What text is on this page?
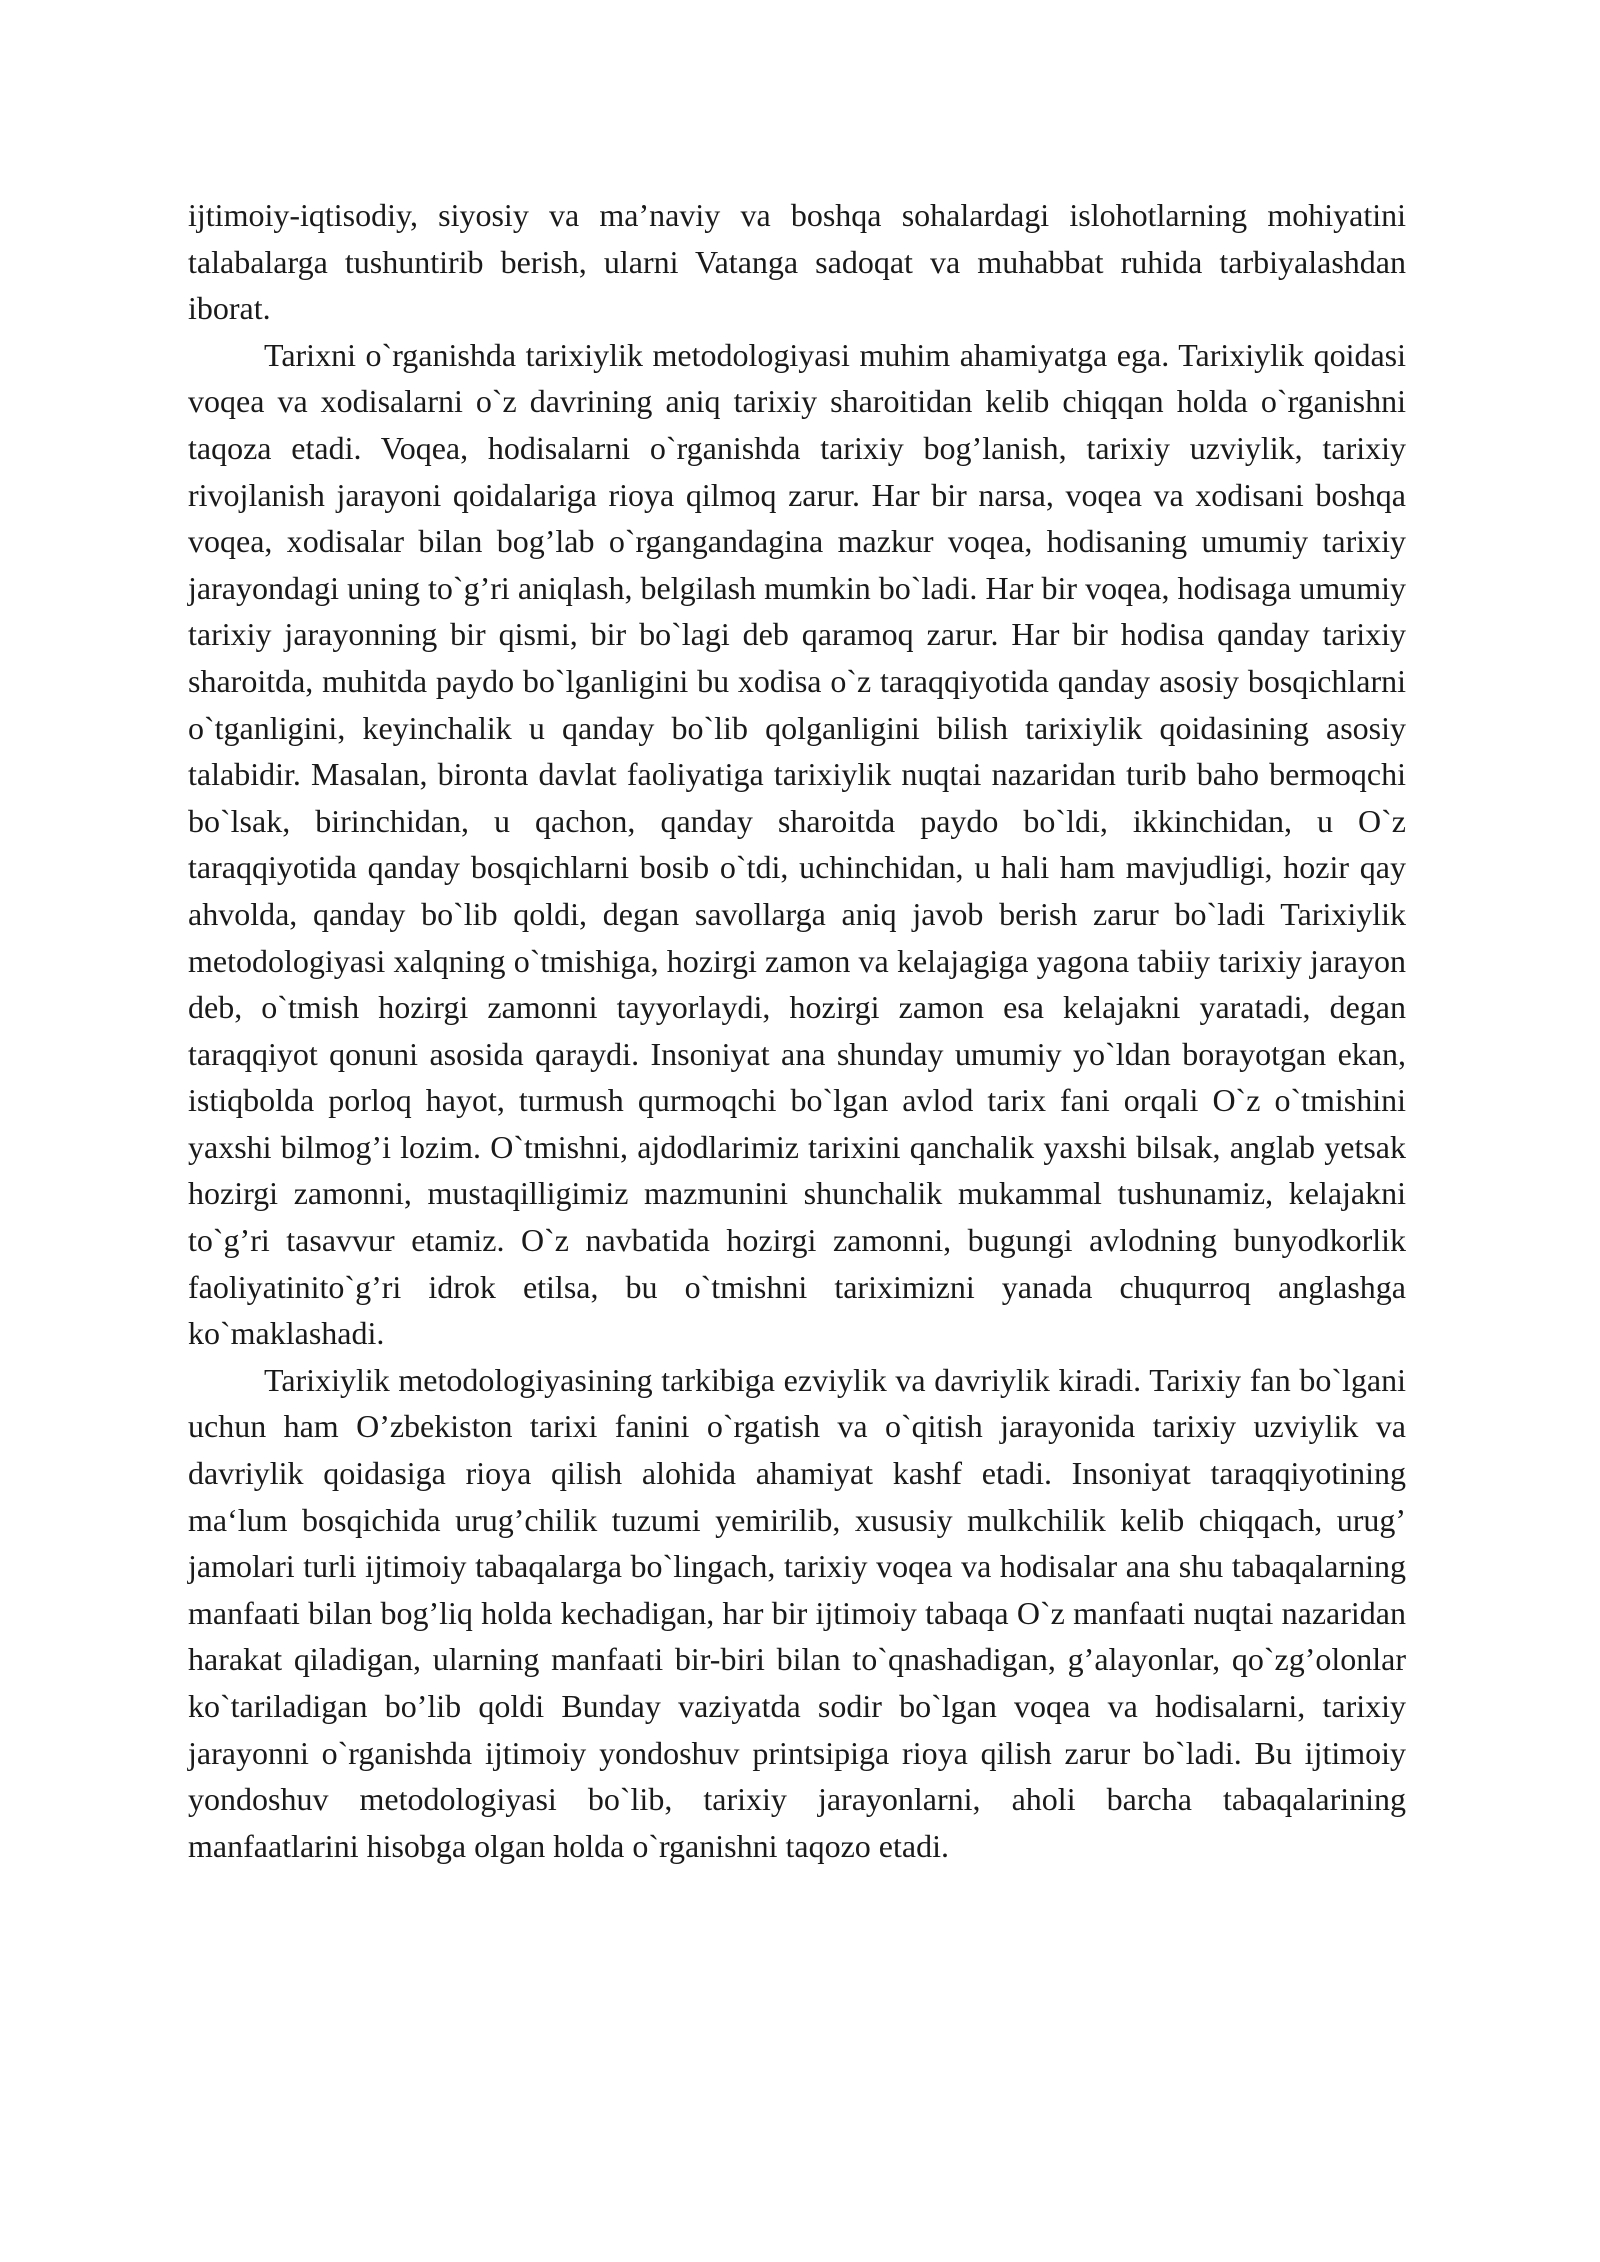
ijtimoiy-iqtisodiy, siyosiy va ma’naviy va boshqa sohalardagi islohotlarning mohiyatini talabalarga tushuntirib berish, ularni Vatanga sadoqat va muhabbat ruhida tarbiyalashdan iborat.

Tarixni o`rganishda tarixiylik metodologiyasi muhim ahamiyatga ega. Tarixiylik qoidasi voqea va xodisalarni o`z davrining aniq tarixiy sharoitidan kelib chiqqan holda o`rganishni taqoza etadi. Voqea, hodisalarni o`rganishda tarixiy bog’lanish, tarixiy uzviylik, tarixiy rivojlanish jarayoni qoidalariga rioya qilmoq zarur. Har bir narsa, voqea va xodisani boshqa voqea, xodisalar bilan bog’lab o`rgangandagina mazkur voqea, hodisaning umumiy tarixiy jarayondagi uning to`g’ri aniqlash, belgilash mumkin bo`ladi. Har bir voqea, hodisaga umumiy tarixiy jarayonning bir qismi, bir bo`lagi deb qaramoq zarur. Har bir hodisa qanday tarixiy sharoitda, muhitda paydo bo`lganligini bu xodisa o`z taraqqiyotida qanday asosiy bosqichlarni o`tganligini, keyinchalik u qanday bo`lib qolganligini bilish tarixiylik qoidasining asosiy talabidir. Masalan, bironta davlat faoliyatiga tarixiylik nuqtai nazaridan turib baho bermoqchi bo`lsak, birinchidan, u qachon, qanday sharoitda paydo bo`ldi, ikkinchidan, u O`z taraqqiyotida qanday bosqichlarni bosib o`tdi, uchinchidan, u hali ham mavjudligi, hozir qay ahvolda, qanday bo`lib qoldi, degan savollarga aniq javob berish zarur bo`ladi Tarixiylik metodologiyasi xalqning o`tmishiga, hozirgi zamon va kelajagiga yagona tabiiy tarixiy jarayon deb, o`tmish hozirgi zamonni tayyorlaydi, hozirgi zamon esa kelajakni yaratadi, degan taraqqiyot qonuni asosida qaraydi. Insoniyat ana shunday umumiy yo`ldan borayotgan ekan, istiqbolda porloq hayot, turmush qurmoqchi bo`lgan avlod tarix fani orqali O`z o`tmishini yaxshi bilmog’i lozim. O`tmishni, ajdodlarimiz tarixini qanchalik yaxshi bilsak, anglab yetsak hozirgi zamonni, mustaqilligimiz mazmunini shunchalik mukammal tushunamiz, kelajakni to`g’ri tasavvur etamiz. O`z navbatida hozirgi zamonni, bugungi avlodning bunyodkorlik faoliyatinito`g’ri idrok etilsa, bu o`tmishni tariximizni yanada chuqurroq anglashga ko`maklashadi.

Tarixiylik metodologiyasining tarkibiga ezviylik va davriylik kiradi. Tarixiy fan bo`lgani uchun ham O’zbekiston tarixi fanini o`rgatish va o`qitish jarayonida tarixiy uzviylik va davriylik qoidasiga rioya qilish alohida ahamiyat kashf etadi. Insoniyat taraqqiyotining ma‘lum bosqichida urug’chilik tuzumi yemirilib, xususiy mulkchilik kelib chiqqach, urug’ jamolari turli ijtimoiy tabaqalarga bo`lingach, tarixiy voqea va hodisalar ana shu tabaqalarning manfaati bilan bog’liq holda kechadigan, har bir ijtimoiy tabaqa O`z manfaati nuqtai nazaridan harakat qiladigan, ularning manfaati bir-biri bilan to`qnashadigan, g’alayonlar, qo`zg’olonlar ko`tariladigan bo’lib qoldi Bunday vaziyatda sodir bo`lgan voqea va hodisalarni, tarixiy jarayonni o`rganishda ijtimoiy yondoshuv printsipiga rioya qilish zarur bo`ladi. Bu ijtimoiy yondoshuv metodologiyasi bo`lib, tarixiy jarayonlarni, aholi barcha tabaqalarining manfaatlarini hisobga olgan holda o`rganishni taqozo etadi.
